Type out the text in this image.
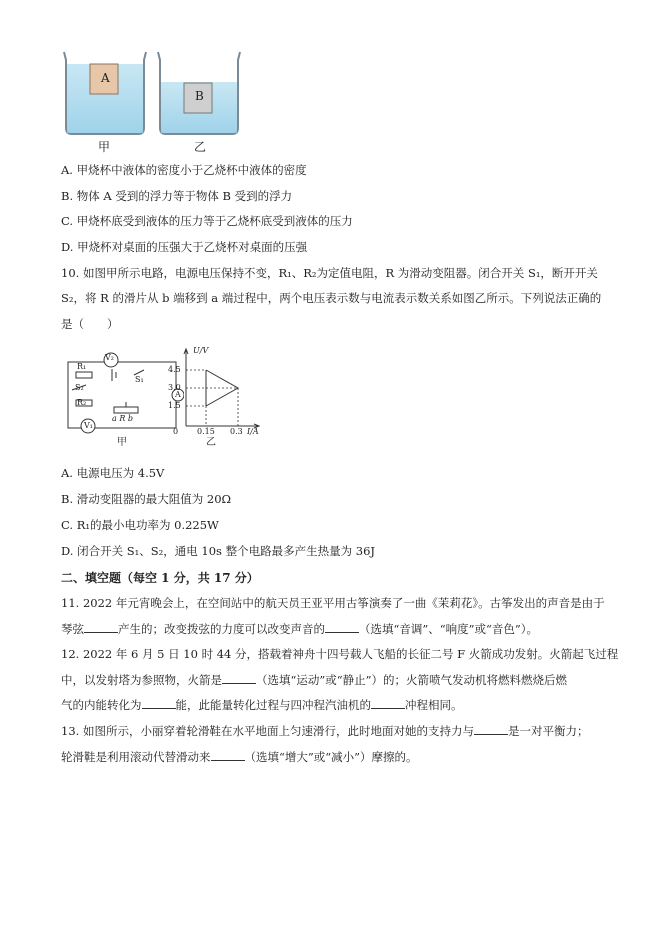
A
B
甲	乙
A. 甲烧杯中液体的密度小于乙烧杯中液体的密度
B. 物体 A 受到的浮力等于物体 B 受到的浮力
C. 甲烧杯底受到液体的压力等于乙烧杯底受到液体的压力
D. 甲烧杯对桌面的压强大于乙烧杯对桌面的压强
10. 如图甲所示电路，电源电压保持不变，R₁、R₂为定值电阻，R 为滑动变阻器。闭合开关 S₁，断开开关
S₂，将 R 的滑片从 b 端移到 a 端过程中，两个电压表示数与电流表示数关系如图乙所示。下列说法正确的
是（　　）
V₂
R₁
S₂
S₁
A
R₂
a R b
V₁
甲
U/V
4.5
3.0
1.5
0 0.15 0.3 I/A
乙
A. 电源电压为 4.5V
B. 滑动变阻器的最大阻值为 20Ω
C. R₁的最小电功率为 0.225W
D. 闭合开关 S₁、S₂，通电 10s 整个电路最多产生热量为 36J
二、填空题（每空 1 分，共 17 分）
11. 2022 年元宵晚会上，在空间站中的航天员王亚平用古筝演奏了一曲《茉莉花》。古筝发出的声音是由于
琴弦	产生的；改变拨弦的力度可以改变声音的	（选填“音调”、“响度”或“音色”）。
12. 2022 年 6 月 5 日 10 时 44 分，搭载着神舟十四号载人飞船的长征二号 F 火箭成功发射。火箭起飞过程
中，以发射塔为参照物，火箭是	（选填“运动”或“静止”）的；火箭喷气发动机将燃料燃烧后燃
气的内能转化为	能，此能量转化过程与四冲程汽油机的	冲程相同。
13. 如图所示，小丽穿着轮滑鞋在水平地面上匀速滑行，此时地面对她的支持力与	是一对平衡力；
轮滑鞋是利用滚动代替滑动来	（选填“增大”或“减小”）摩擦的。
